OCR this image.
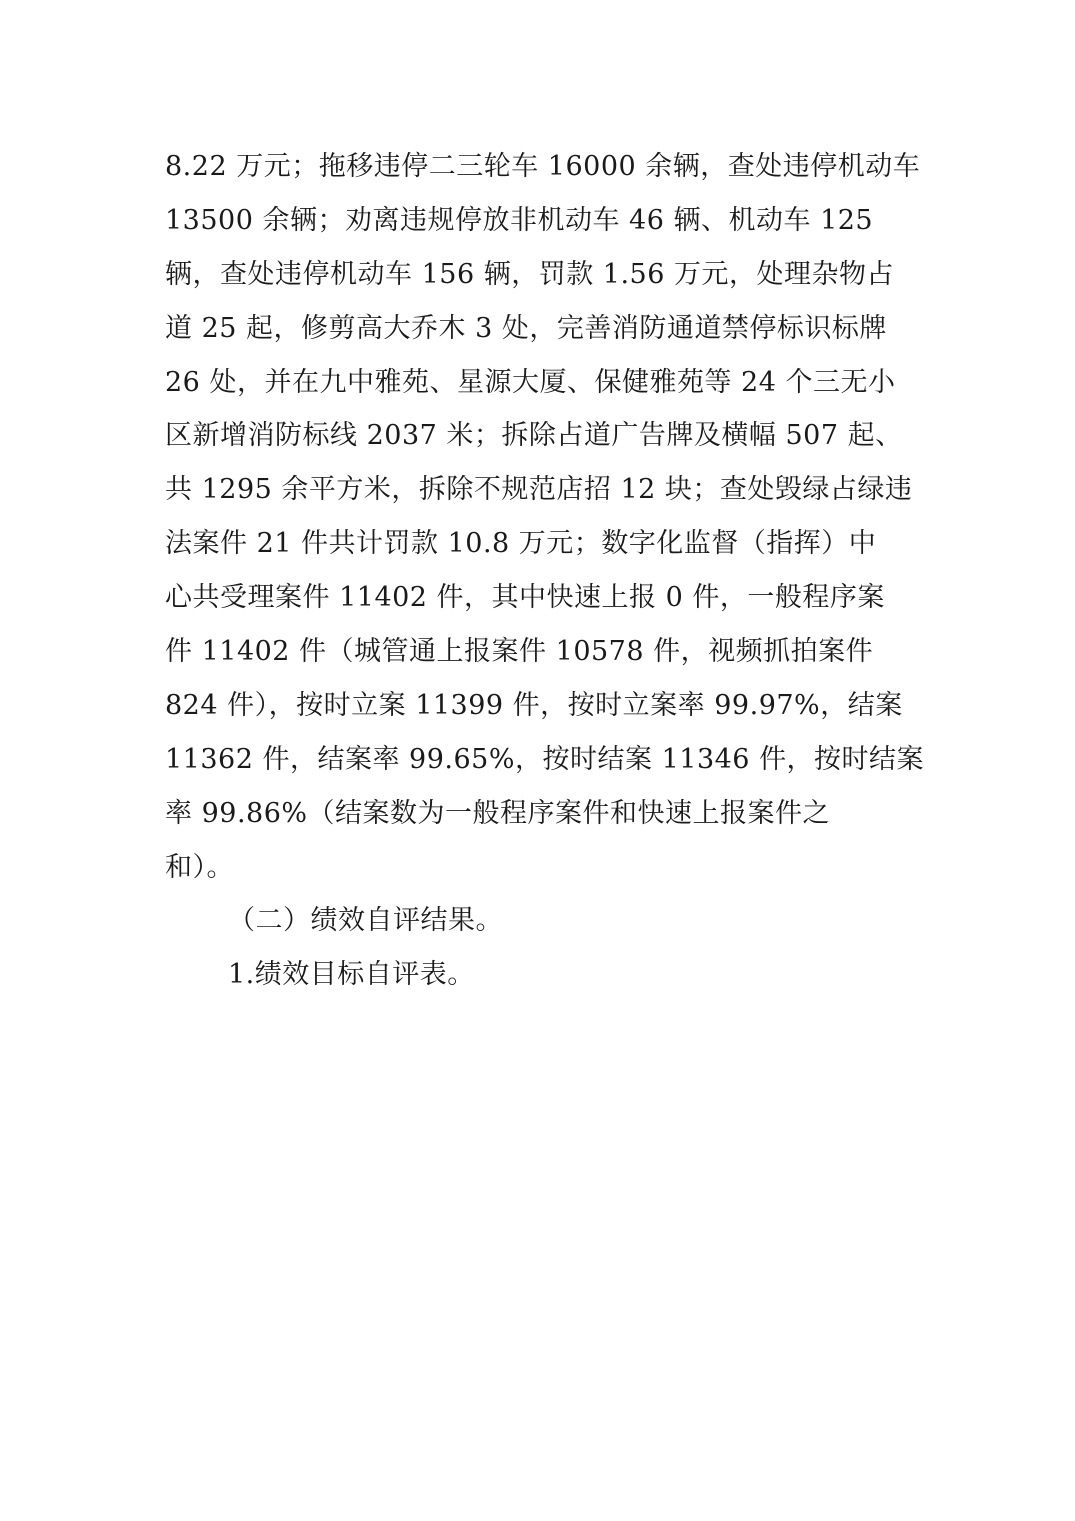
8.22 万元；拖移违停二三轮车 16000 余辆，查处违停机动车
13500 余辆；劝离违规停放非机动车 46 辆、机动车 125
辆，查处违停机动车 156 辆，罚款 1.56 万元，处理杂物占
道 25 起，修剪高大乔木 3 处，完善消防通道禁停标识标牌
26 处，并在九中雅苑、星源大厦、保健雅苑等 24 个三无小
区新增消防标线 2037 米；拆除占道广告牌及横幅 507 起、
共 1295 余平方米，拆除不规范店招 12 块；查处毁绿占绿违
法案件 21 件共计罚款 10.8 万元；数字化监督（指挥）中
心共受理案件 11402 件，其中快速上报 0 件，一般程序案
件 11402 件（城管通上报案件 10578 件，视频抓拍案件
824 件），按时立案 11399 件，按时立案率 99.97%，结案
11362 件，结案率 99.65%，按时结案 11346 件，按时结案
率 99.86%（结案数为一般程序案件和快速上报案件之
和）。
（二）绩效自评结果。
1.绩效目标自评表。
